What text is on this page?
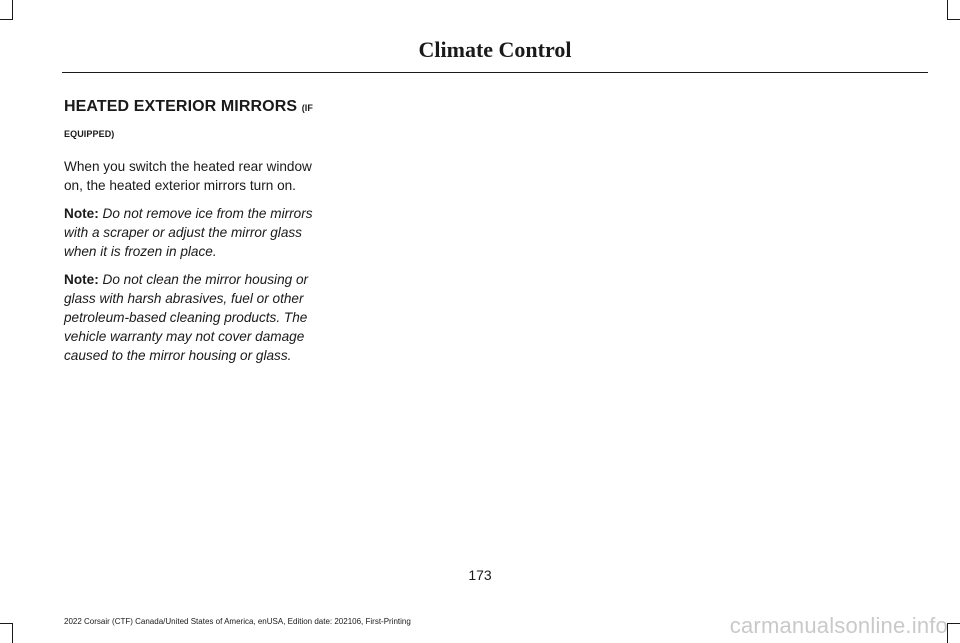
Climate Control
HEATED EXTERIOR MIRRORS (IF
EQUIPPED)

When you switch the heated rear window on, the heated exterior mirrors turn on.

Note: Do not remove ice from the mirrors with a scraper or adjust the mirror glass when it is frozen in place.

Note: Do not clean the mirror housing or glass with harsh abrasives, fuel or other petroleum-based cleaning products. The vehicle warranty may not cover damage caused to the mirror housing or glass.

173
2022 Corsair (CTF) Canada/United States of America, enUSA, Edition date: 202106, First-Printing	carmanualsonline.info
